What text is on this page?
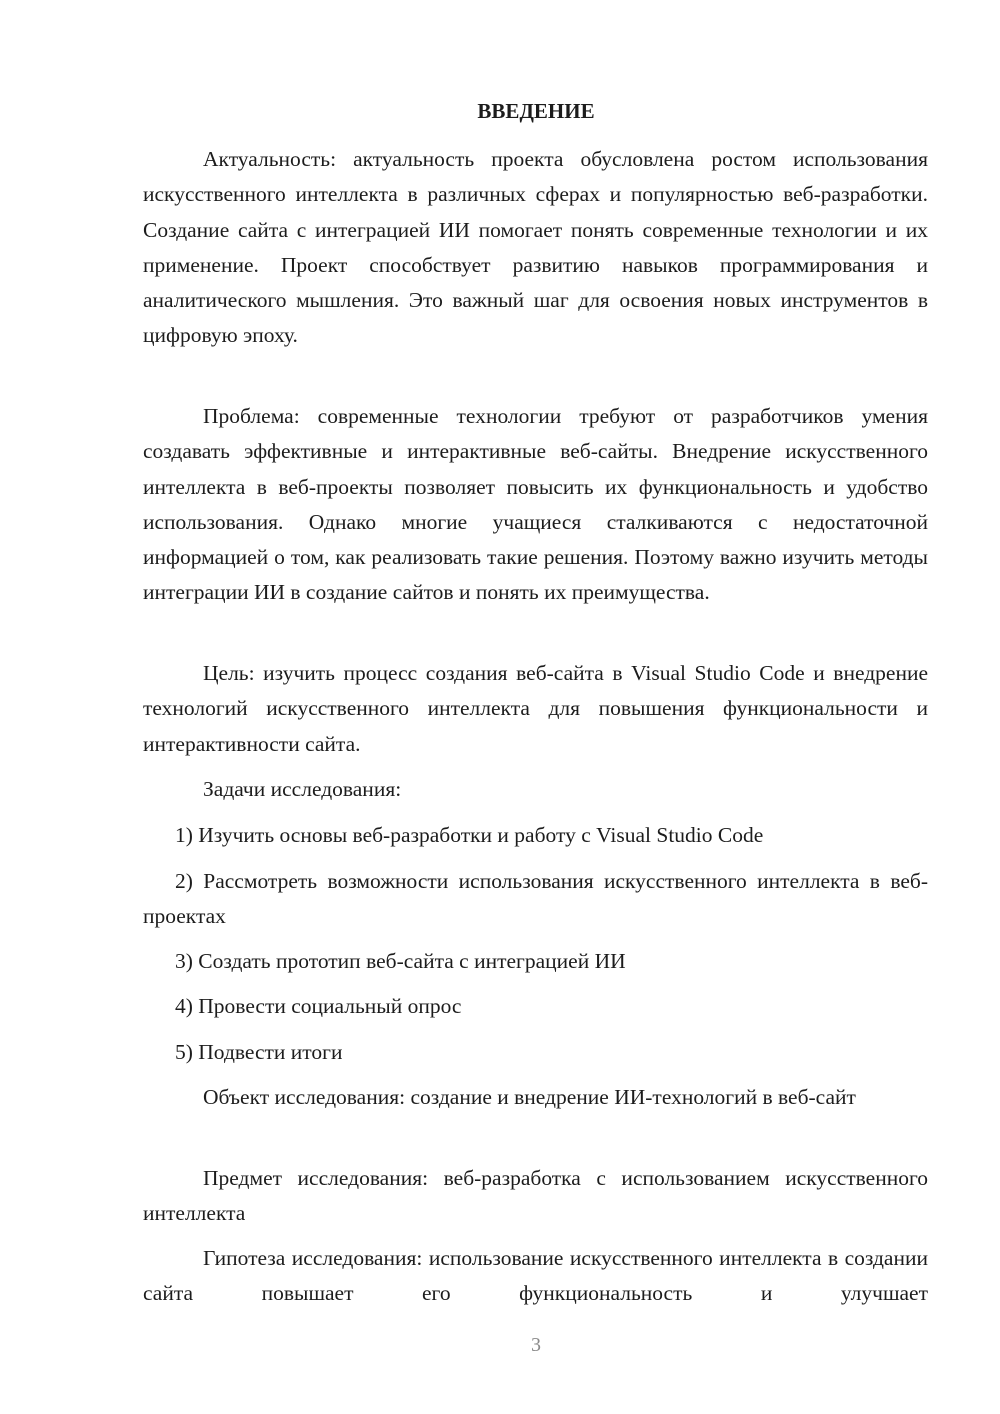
ВВЕДЕНИЕ

Актуальность: актуальность проекта обусловлена ростом использования искусственного интеллекта в различных сферах и популярностью веб-разработки. Создание сайта с интеграцией ИИ помогает понять современные технологии и их применение. Проект способствует развитию навыков программирования и аналитического мышления. Это важный шаг для освоения новых инструментов в цифровую эпоху.

Проблема: современные технологии требуют от разработчиков умения создавать эффективные и интерактивные веб-сайты. Внедрение искусственного интеллекта в веб-проекты позволяет повысить их функциональность и удобство использования. Однако многие учащиеся сталкиваются с недостаточной информацией о том, как реализовать такие решения. Поэтому важно изучить методы интеграции ИИ в создание сайтов и понять их преимущества.

Цель: изучить процесс создания веб-сайта в Visual Studio Code и внедрение технологий искусственного интеллекта для повышения функциональности и интерактивности сайта.

Задачи исследования:

1) Изучить основы веб-разработки и работу с Visual Studio Code

2) Рассмотреть возможности использования искусственного интеллекта в веб-проектах

3) Создать прототип веб-сайта с интеграцией ИИ

4) Провести социальный опрос

5) Подвести итоги

Объект исследования: создание и внедрение ИИ-технологий в веб-сайт

Предмет исследования: веб-разработка с использованием искусственного интеллекта

Гипотеза исследования: использование искусственного интеллекта в создании сайта повышает его функциональность и улучшает

3
